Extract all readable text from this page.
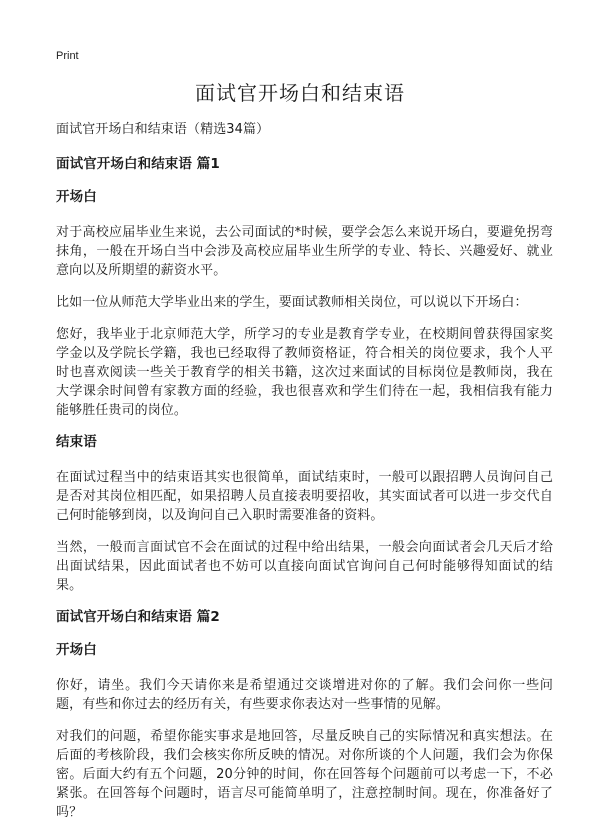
Print
面试官开场白和结束语

面试官开场白和结束语（精选34篇）

面试官开场白和结束语 篇1

开场白

对于高校应届毕业生来说，去公司面试的*时候，要学会怎么来说开场白，要避免拐弯抹角，一般在开场白当中会涉及高校应届毕业生所学的专业、特长、兴趣爱好、就业意向以及所期望的薪资水平。

比如一位从师范大学毕业出来的学生，要面试教师相关岗位，可以说以下开场白：

您好，我毕业于北京师范大学，所学习的专业是教育学专业，在校期间曾获得国家奖学金以及学院长学籍，我也已经取得了教师资格证，符合相关的岗位要求，我个人平时也喜欢阅读一些关于教育学的相关书籍，这次过来面试的目标岗位是教师岗，我在大学课余时间曾有家教方面的经验，我也很喜欢和学生们待在一起，我相信我有能力能够胜任贵司的岗位。

结束语

在面试过程当中的结束语其实也很简单，面试结束时，一般可以跟招聘人员询问自己是否对其岗位相匹配，如果招聘人员直接表明要招收，其实面试者可以进一步交代自己何时能够到岗，以及询问自己入职时需要准备的资料。

当然，一般而言面试官不会在面试的过程中给出结果，一般会向面试者会几天后才给出面试结果，因此面试者也不妨可以直接向面试官询问自己何时能够得知面试的结果。

面试官开场白和结束语 篇2

开场白

你好，请坐。我们今天请你来是希望通过交谈增进对你的了解。我们会问你一些问题，有些和你过去的经历有关，有些要求你表达对一些事情的见解。

对我们的问题，希望你能实事求是地回答，尽量反映自己的实际情况和真实想法。在后面的考核阶段，我们会核实你所反映的情况。对你所谈的个人问题，我们会为你保密。后面大约有五个问题，20分钟的时间，你在回答每个问题前可以考虑一下，不必紧张。在回答每个问题时，语言尽可能简单明了，注意控制时间。现在，你准备好了吗？
